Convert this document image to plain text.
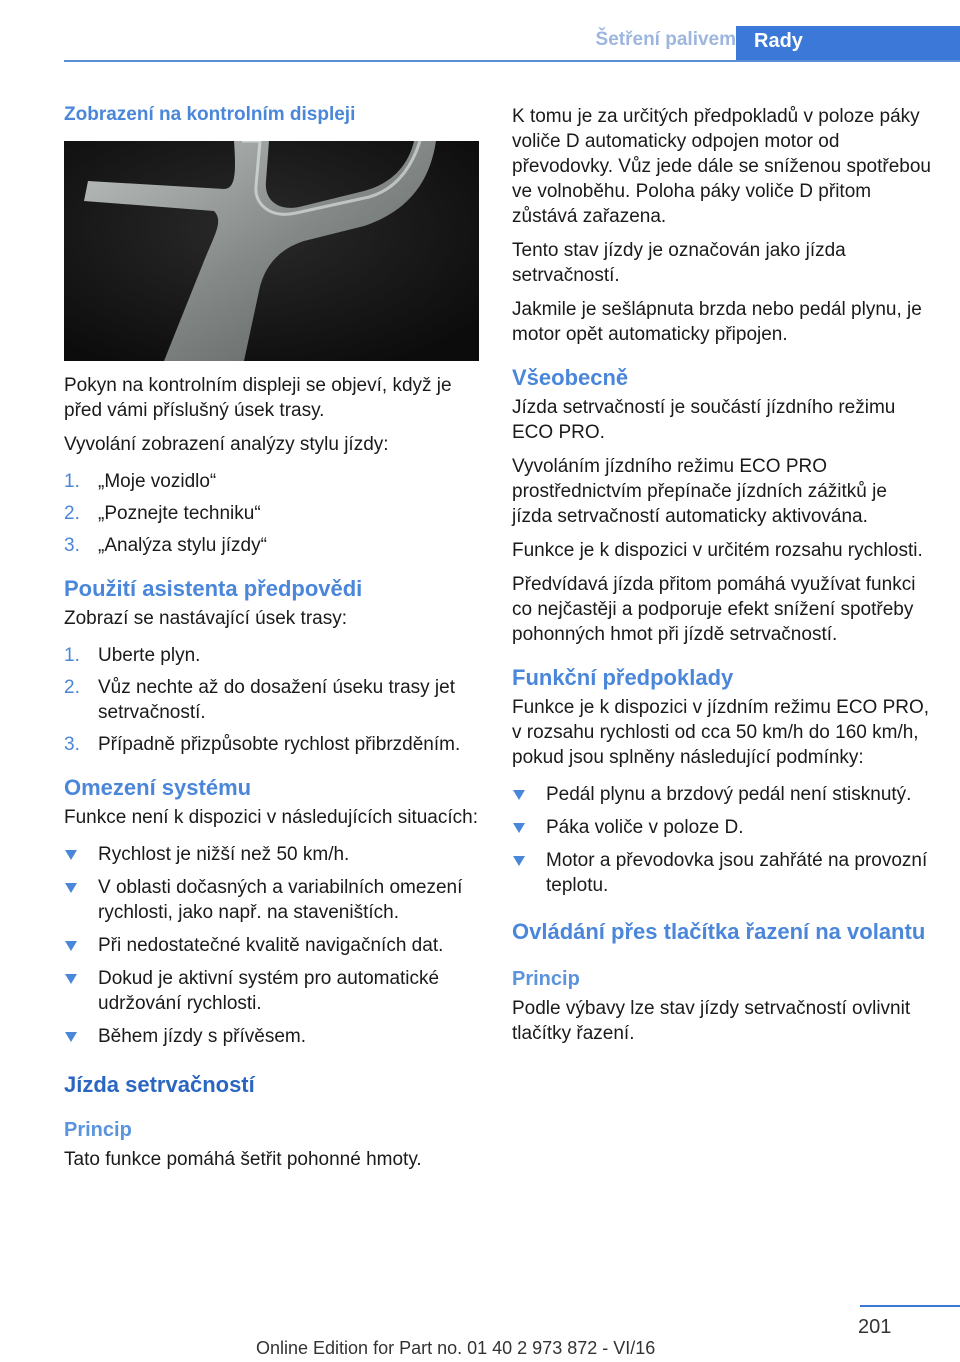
Šetření palivem Rady
Zobrazení na kontrolním displeji

Pokyn na kontrolním displeji se objeví, když je před vámi příslušný úsek trasy.

Vyvolání zobrazení analýzy stylu jízdy:

1. „Moje vozidlo“
2. „Poznejte techniku“
3. „Analýza stylu jízdy“
Použití asistenta předpovědi

Zobrazí se nastávající úsek trasy:

1. Uberte plyn.
2. Vůz nechte až do dosažení úseku trasy jet setrvačností.
3. Případně přizpůsobte rychlost přibrzděním.
Omezení systému

Funkce není k dispozici v následujících situacích:

Rychlost je nižší než 50 km/h.
V oblasti dočasných a variabilních omezení rychlosti, jako např. na staveništích.
Při nedostatečné kvalitě navigačních dat.
Dokud je aktivní systém pro automatické udržování rychlosti.
Během jízdy s přívěsem.
Jízda setrvačností
Princip

Tato funkce pomáhá šetřit pohonné hmoty.

K tomu je za určitých předpokladů v poloze páky voliče D automaticky odpojen motor od převodovky. Vůz jede dále se sníženou spotřebou ve volnoběhu. Poloha páky voliče D přitom zůstává zařazena.

Tento stav jízdy je označován jako jízda setrvačností.

Jakmile je sešlápnuta brzda nebo pedál plynu, je motor opět automaticky připojen.

Všeobecně

Jízda setrvačností je součástí jízdního režimu ECO PRO.

Vyvoláním jízdního režimu ECO PRO prostřednictvím přepínače jízdních zážitků je jízda setrvačností automaticky aktivována.

Funkce je k dispozici v určitém rozsahu rychlosti.

Předvídavá jízda přitom pomáhá využívat funkci co nejčastěji a podporuje efekt snížení spotřeby pohonných hmot při jízdě setrvačností.

Funkční předpoklady

Funkce je k dispozici v jízdním režimu ECO PRO, v rozsahu rychlosti od cca 50 km/h do 160 km/h, pokud jsou splněny následující podmínky:

Pedál plynu a brzdový pedál není stisknutý.
Páka voliče v poloze D.
Motor a převodovka jsou zahřáté na provozní teplotu.
Ovládání přes tlačítka řazení na volantu
Princip

Podle výbavy lze stav jízdy setrvačností ovlivnit tlačítky řazení.

201
Online Edition for Part no. 01 40 2 973 872 - VI/16
